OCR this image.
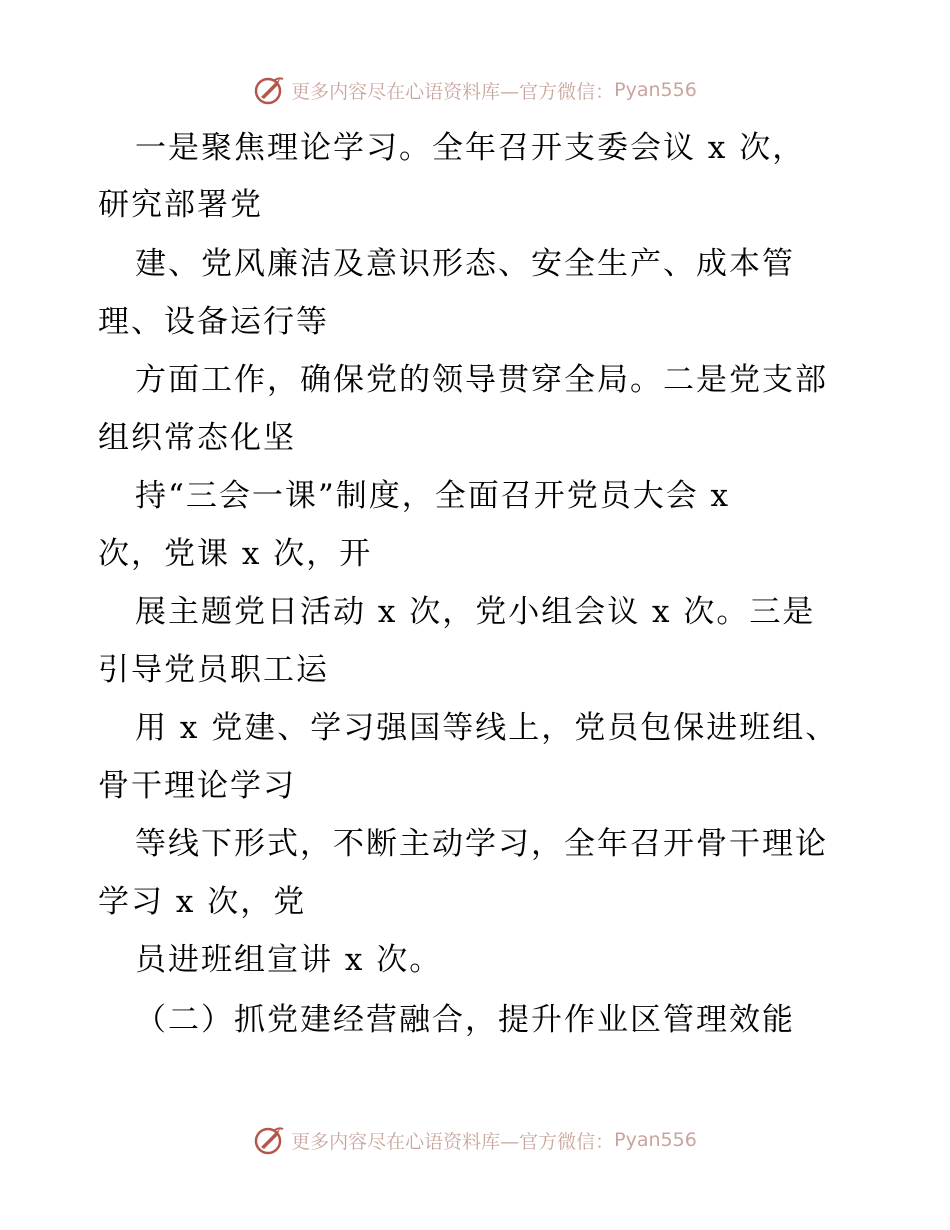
更多内容尽在心语资料库—官方微信： Pyan556
一是聚焦理论学习。全年召开支委会议 x 次，
研究部署党
建、党风廉洁及意识形态、安全生产、成本管
理、设备运行等
方面工作，确保党的领导贯穿全局。二是党支部
组织常态化坚
持“三会一课”制度，全面召开党员大会 x
次，党课 x 次，开
展主题党日活动 x 次，党小组会议 x 次。三是
引导党员职工运
用 x 党建、学习强国等线上，党员包保进班组、
骨干理论学习
等线下形式，不断主动学习，全年召开骨干理论
学习 x 次，党
员进班组宣讲 x 次。
（二）抓党建经营融合，提升作业区管理效能
更多内容尽在心语资料库—官方微信： Pyan556
